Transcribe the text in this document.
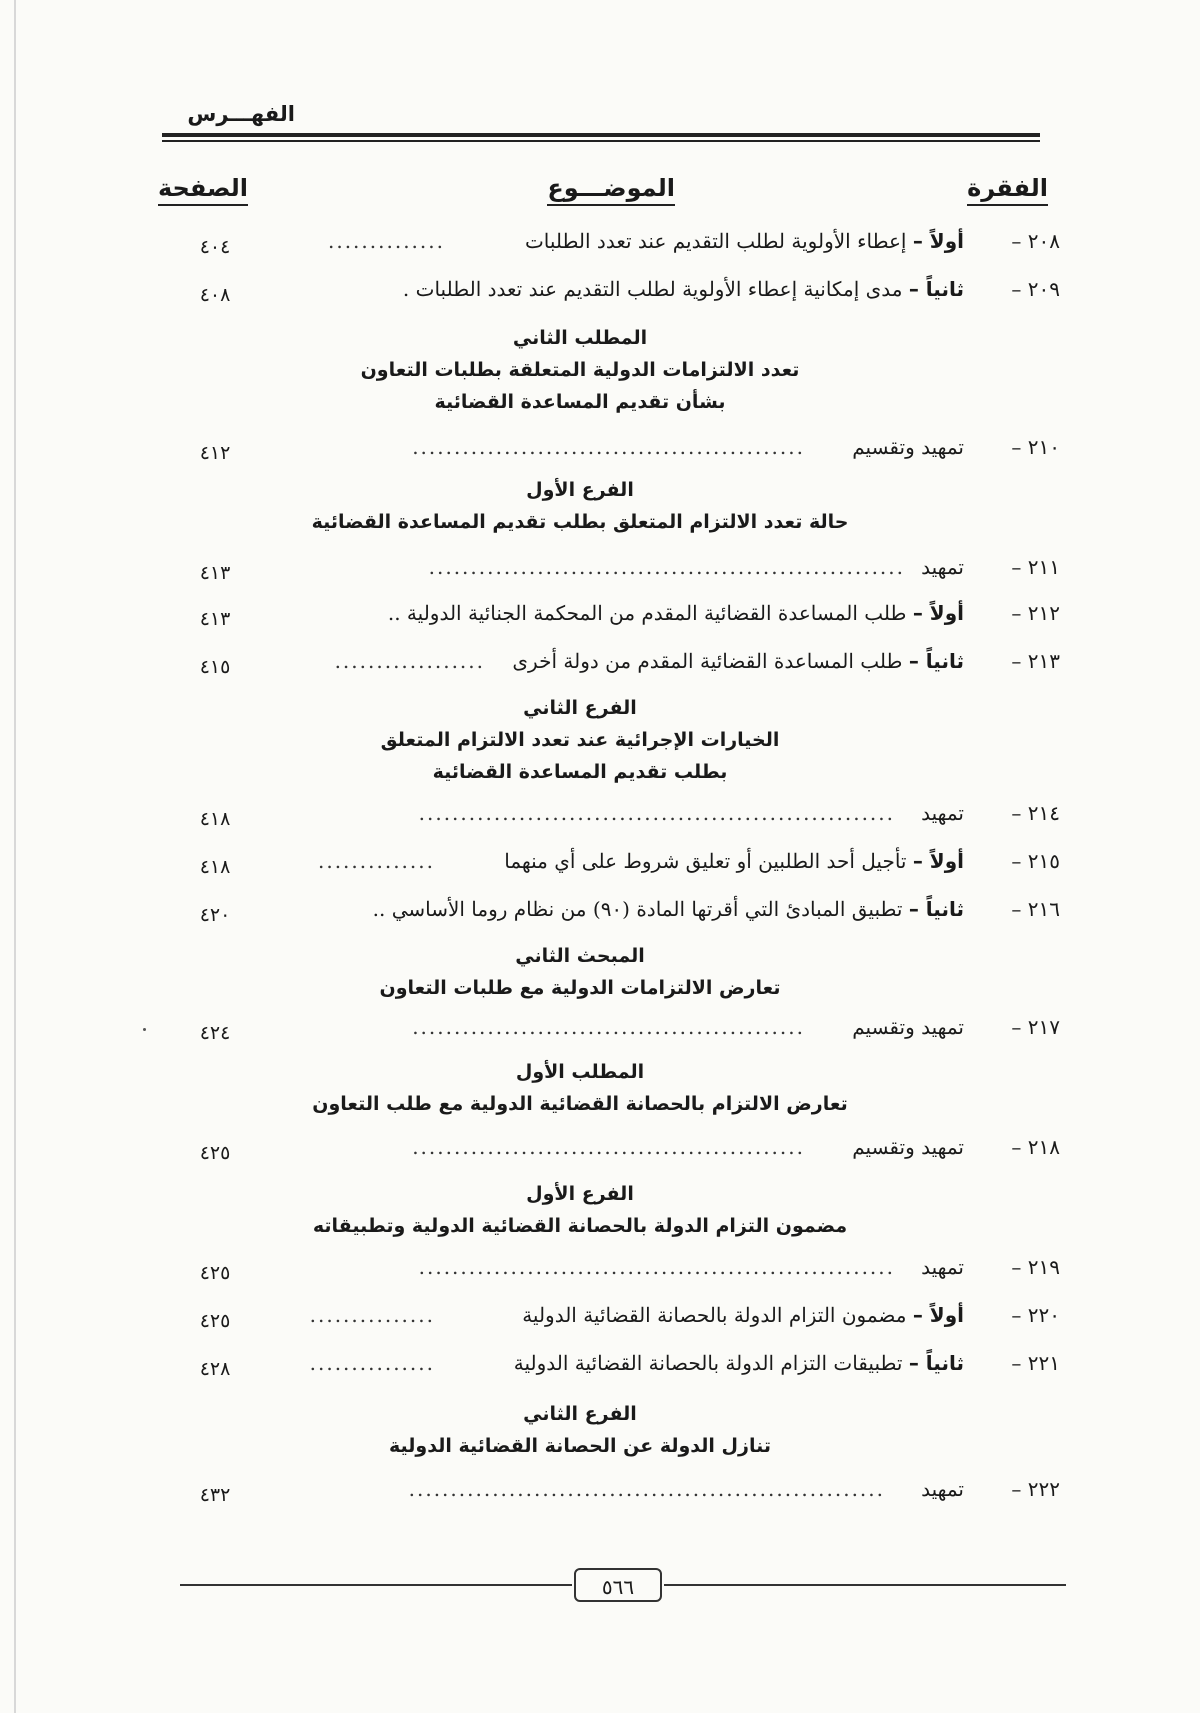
الفهـــرس
الفقرة
الموضـــوع
الصفحة
٢٠٨ –
أولاً – إعطاء الأولوية لطلب التقديم عند تعدد الطلبات
..............
٤٠٤
٢٠٩ –
ثانياً – مدى إمكانية إعطاء الأولوية لطلب التقديم عند تعدد الطلبات .
٤٠٨
المطلب الثاني
تعدد الالتزامات الدولية المتعلقة بطلبات التعاون
بشأن تقديم المساعدة القضائية
٢١٠ –
تمهيد وتقسيم
...............................................
٤١٢
الفرع الأول
حالة تعدد الالتزام المتعلق بطلب تقديم المساعدة القضائية
٢١١ –
تمهيد
.........................................................
٤١٣
٢١٢ –
أولاً – طلب المساعدة القضائية المقدم من المحكمة الجنائية الدولية ..
٤١٣
٢١٣ –
ثانياً – طلب المساعدة القضائية المقدم من دولة أخرى
..................
٤١٥
الفرع الثاني
الخيارات الإجرائية عند تعدد الالتزام المتعلق
بطلب تقديم المساعدة القضائية
٢١٤ –
تمهيد
.........................................................
٤١٨
٢١٥ –
أولاً – تأجيل أحد الطلبين أو تعليق شروط على أي منهما
..............
٤١٨
٢١٦ –
ثانياً – تطبيق المبادئ التي أقرتها المادة (٩٠) من نظام روما الأساسي ..
٤٢٠
المبحث الثاني
تعارض الالتزامات الدولية مع طلبات التعاون
٢١٧ –
تمهيد وتقسيم
...............................................
٤٢٤
المطلب الأول
تعارض الالتزام بالحصانة القضائية الدولية مع طلب التعاون
٢١٨ –
تمهيد وتقسيم
...............................................
٤٢٥
الفرع الأول
مضمون التزام الدولة بالحصانة القضائية الدولية وتطبيقاته
٢١٩ –
تمهيد
.........................................................
٤٢٥
٢٢٠ –
أولاً – مضمون التزام الدولة بالحصانة القضائية الدولية
...............
٤٢٥
٢٢١ –
ثانياً – تطبيقات التزام الدولة بالحصانة القضائية الدولية
...............
٤٢٨
الفرع الثاني
تنازل الدولة عن الحصانة القضائية الدولية
٢٢٢ –
تمهيد
.........................................................
٤٣٢
٥٦٦
